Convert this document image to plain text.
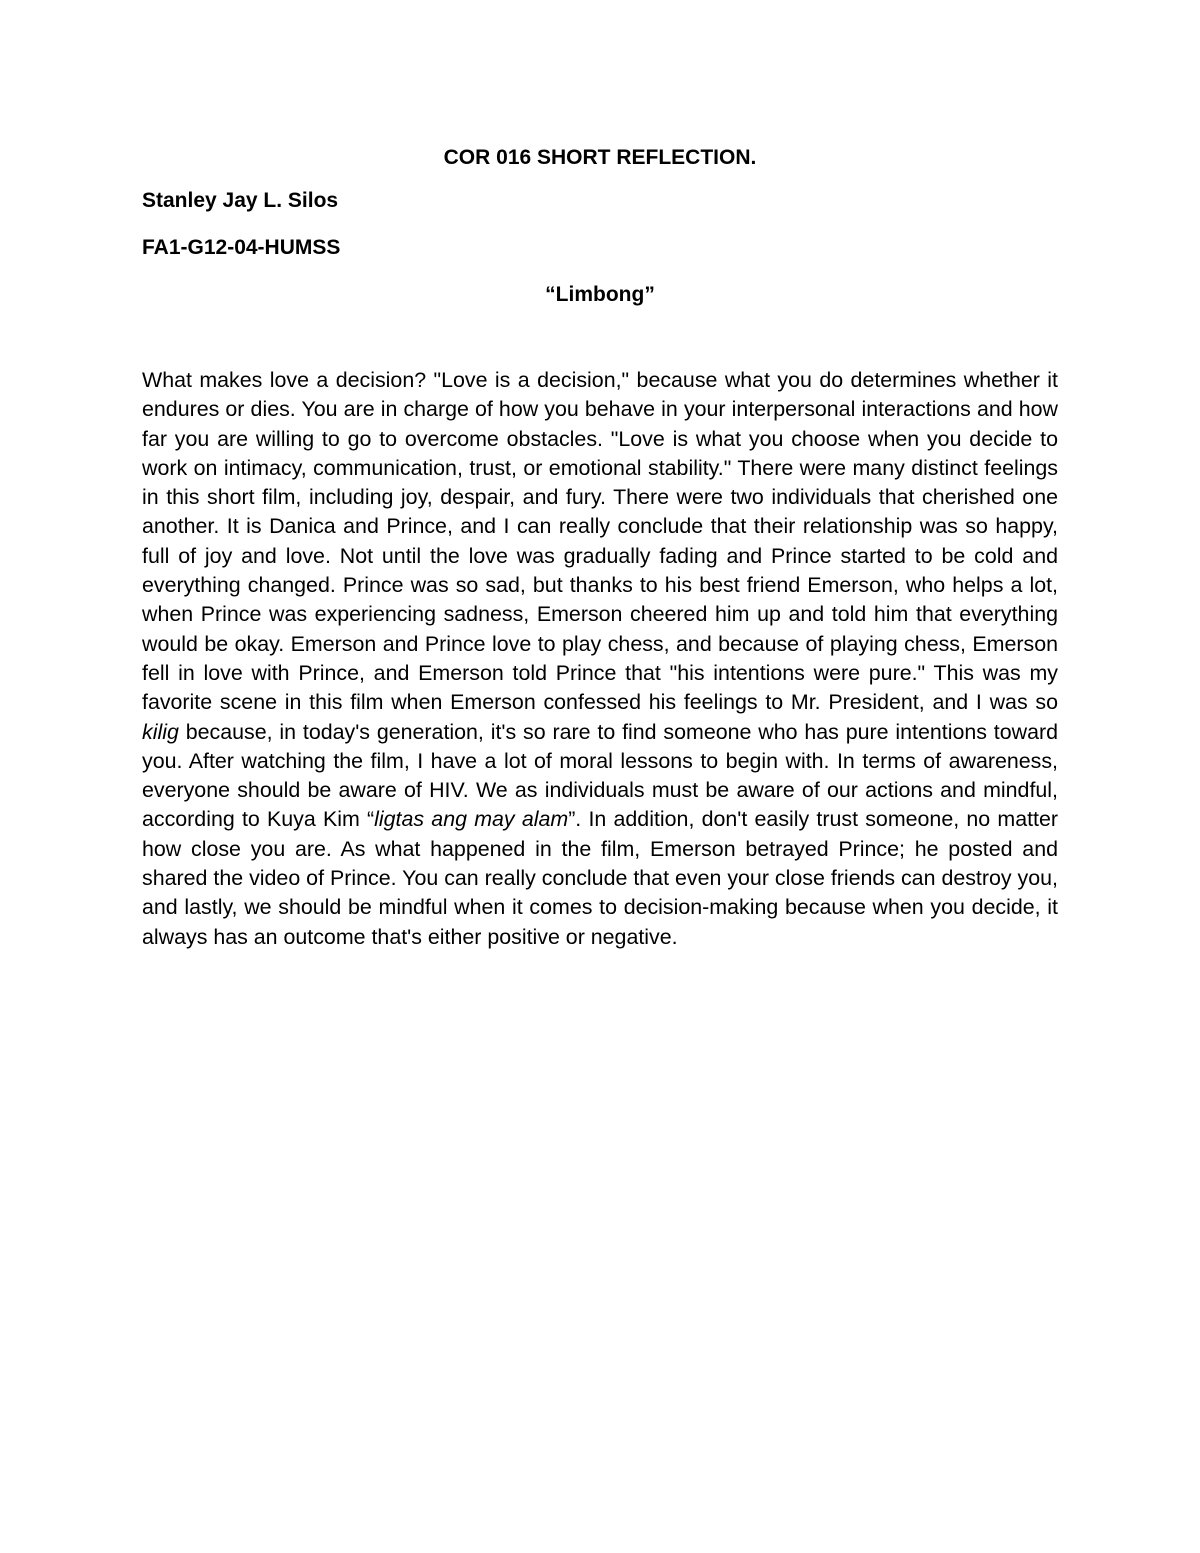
COR 016 SHORT REFLECTION.
Stanley Jay L. Silos
FA1-G12-04-HUMSS
“Limbong”

What makes love a decision? "Love is a decision," because what you do determines whether it endures or dies. You are in charge of how you behave in your interpersonal interactions and how far you are willing to go to overcome obstacles. "Love is what you choose when you decide to work on intimacy, communication, trust, or emotional stability." There were many distinct feelings in this short film, including joy, despair, and fury. There were two individuals that cherished one another. It is Danica and Prince, and I can really conclude that their relationship was so happy, full of joy and love. Not until the love was gradually fading and Prince started to be cold and everything changed. Prince was so sad, but thanks to his best friend Emerson, who helps a lot, when Prince was experiencing sadness, Emerson cheered him up and told him that everything would be okay. Emerson and Prince love to play chess, and because of playing chess, Emerson fell in love with Prince, and Emerson told Prince that "his intentions were pure." This was my favorite scene in this film when Emerson confessed his feelings to Mr. President, and I was so kilig because, in today's generation, it's so rare to find someone who has pure intentions toward you. After watching the film, I have a lot of moral lessons to begin with. In terms of awareness, everyone should be aware of HIV. We as individuals must be aware of our actions and mindful, according to Kuya Kim “ligtas ang may alam”. In addition, don't easily trust someone, no matter how close you are. As what happened in the film, Emerson betrayed Prince; he posted and shared the video of Prince. You can really conclude that even your close friends can destroy you, and lastly, we should be mindful when it comes to decision-making because when you decide, it always has an outcome that's either positive or negative.
